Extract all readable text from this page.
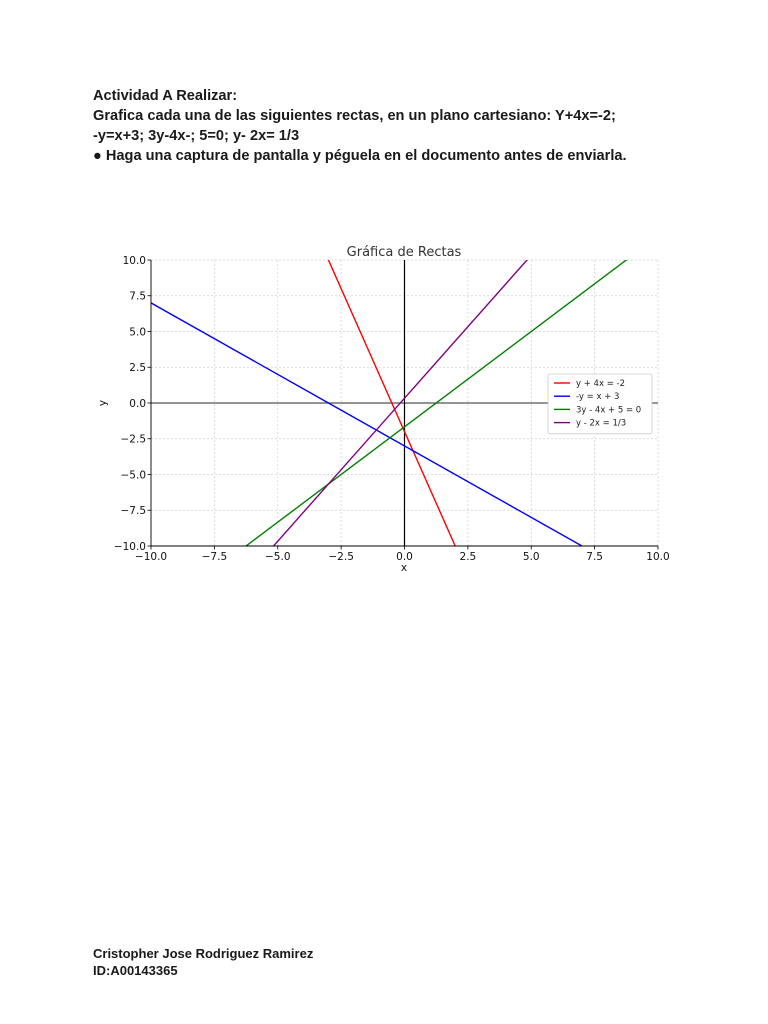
Actividad A Realizar:

Grafica cada una de las siguientes rectas, en un plano cartesiano: Y+4x=-2;

-y=x+3; 3y-4x-; 5=0; y- 2x= 1/3

● Haga una captura de pantalla y péguela en el documento antes de enviarla.

Gráfica de Rectas
−10.0	−7.5	−5.0	−2.5	0.0	2.5	5.0	7.5	10.0
10.0
7.5
5.0
2.5
0.0
−2.5
−5.0
−7.5
−10.0
x
y
y + 4x = -2
-y = x + 3
3y - 4x + 5 = 0
y - 2x = 1/3

Cristopher Jose Rodriguez Ramirez

ID:A00143365
